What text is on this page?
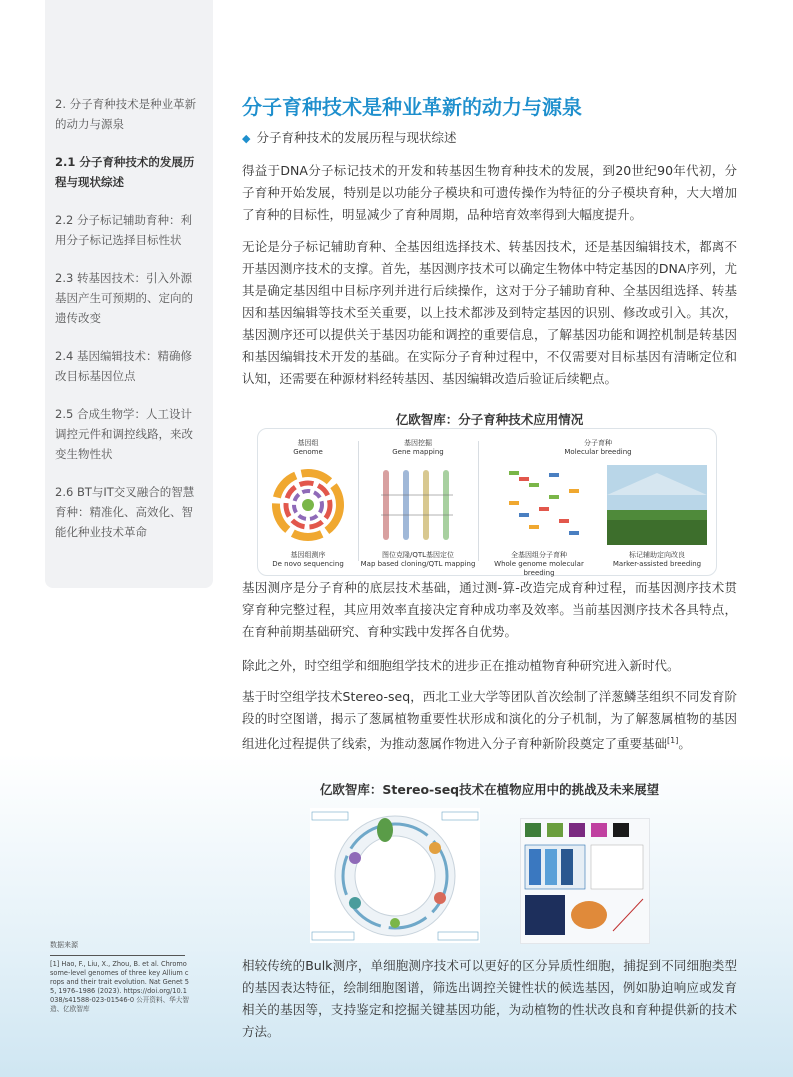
2. 分子育种技术是种业革新的动力与源泉
2.1 分子育种技术的发展历程与现状综述
2.2 分子标记辅助育种：利用分子标记选择目标性状
2.3 转基因技术：引入外源基因产生可预期的、定向的遗传改变
2.4 基因编辑技术：精确修改目标基因位点
2.5 合成生物学：人工设计调控元件和调控线路，来改变生物性状
2.6 BT与IT交叉融合的智慧育种：精准化、高效化、智能化种业技术革命
分子育种技术是种业革新的动力与源泉
◆ 分子育种技术的发展历程与现状综述
得益于DNA分子标记技术的开发和转基因生物育种技术的发展，到20世纪90年代初，分子育种开始发展，特别是以功能分子模块和可遗传操作为特征的分子模块育种，大大增加了育种的目标性，明显减少了育种周期，品种培育效率得到大幅度提升。
无论是分子标记辅助育种、全基因组选择技术、转基因技术，还是基因编辑技术，都离不开基因测序技术的支撑。首先，基因测序技术可以确定生物体中特定基因的DNA序列，尤其是确定基因组中目标序列并进行后续操作，这对于分子辅助育种、全基因组选择、转基因和基因编辑等技术至关重要，以上技术都涉及到特定基因的识别、修改或引入。其次，基因测序还可以提供关于基因功能和调控的重要信息，了解基因功能和调控机制是转基因和基因编辑技术开发的基础。在实际分子育种过程中，不仅需要对目标基因有清晰定位和认知，还需要在种源材料经转基因、基因编辑改造后验证后续靶点。
亿欧智库：分子育种技术应用情况
基因组
Genome
基因组测序
De novo sequencing
基因挖掘
Gene mapping
图位克隆/QTL基因定位
Map based cloning/QTL mapping
分子育种
Molecular breeding
全基因组分子育种
Whole genome molecular breeding
标记辅助定向改良
Marker-assisted breeding
基因测序是分子育种的底层技术基础，通过测-算-改造完成育种过程，而基因测序技术贯穿育种完整过程，其应用效率直接决定育种成功率及效率。当前基因测序技术各具特点，在育种前期基础研究、育种实践中发挥各自优势。
除此之外，时空组学和细胞组学技术的进步正在推动植物育种研究进入新时代。
基于时空组学技术Stereo-seq，西北工业大学等团队首次绘制了洋葱鳞茎组织不同发育阶段的时空图谱，揭示了葱属植物重要性状形成和演化的分子机制，为了解葱属植物的基因组进化过程提供了线索，为推动葱属作物进入分子育种新阶段奠定了重要基础[1]。
亿欧智库：Stereo-seq技术在植物应用中的挑战及未来展望
数据来源
[1] Hao, F., Liu, X., Zhou, B. et al. Chromosome-level genomes of three key Allium crops and their trait evolution. Nat Genet 55, 1976–1986 (2023). https://doi.org/10.1038/s41588-023-01546-0 公开资料、华大智造、亿欧智库
相较传统的Bulk测序，单细胞测序技术可以更好的区分异质性细胞，捕捉到不同细胞类型的基因表达特征，绘制细胞图谱，筛选出调控关键性状的候选基因，例如胁迫响应或发育相关的基因等，支持鉴定和挖掘关键基因功能，为动植物的性状改良和育种提供新的技术方法。
